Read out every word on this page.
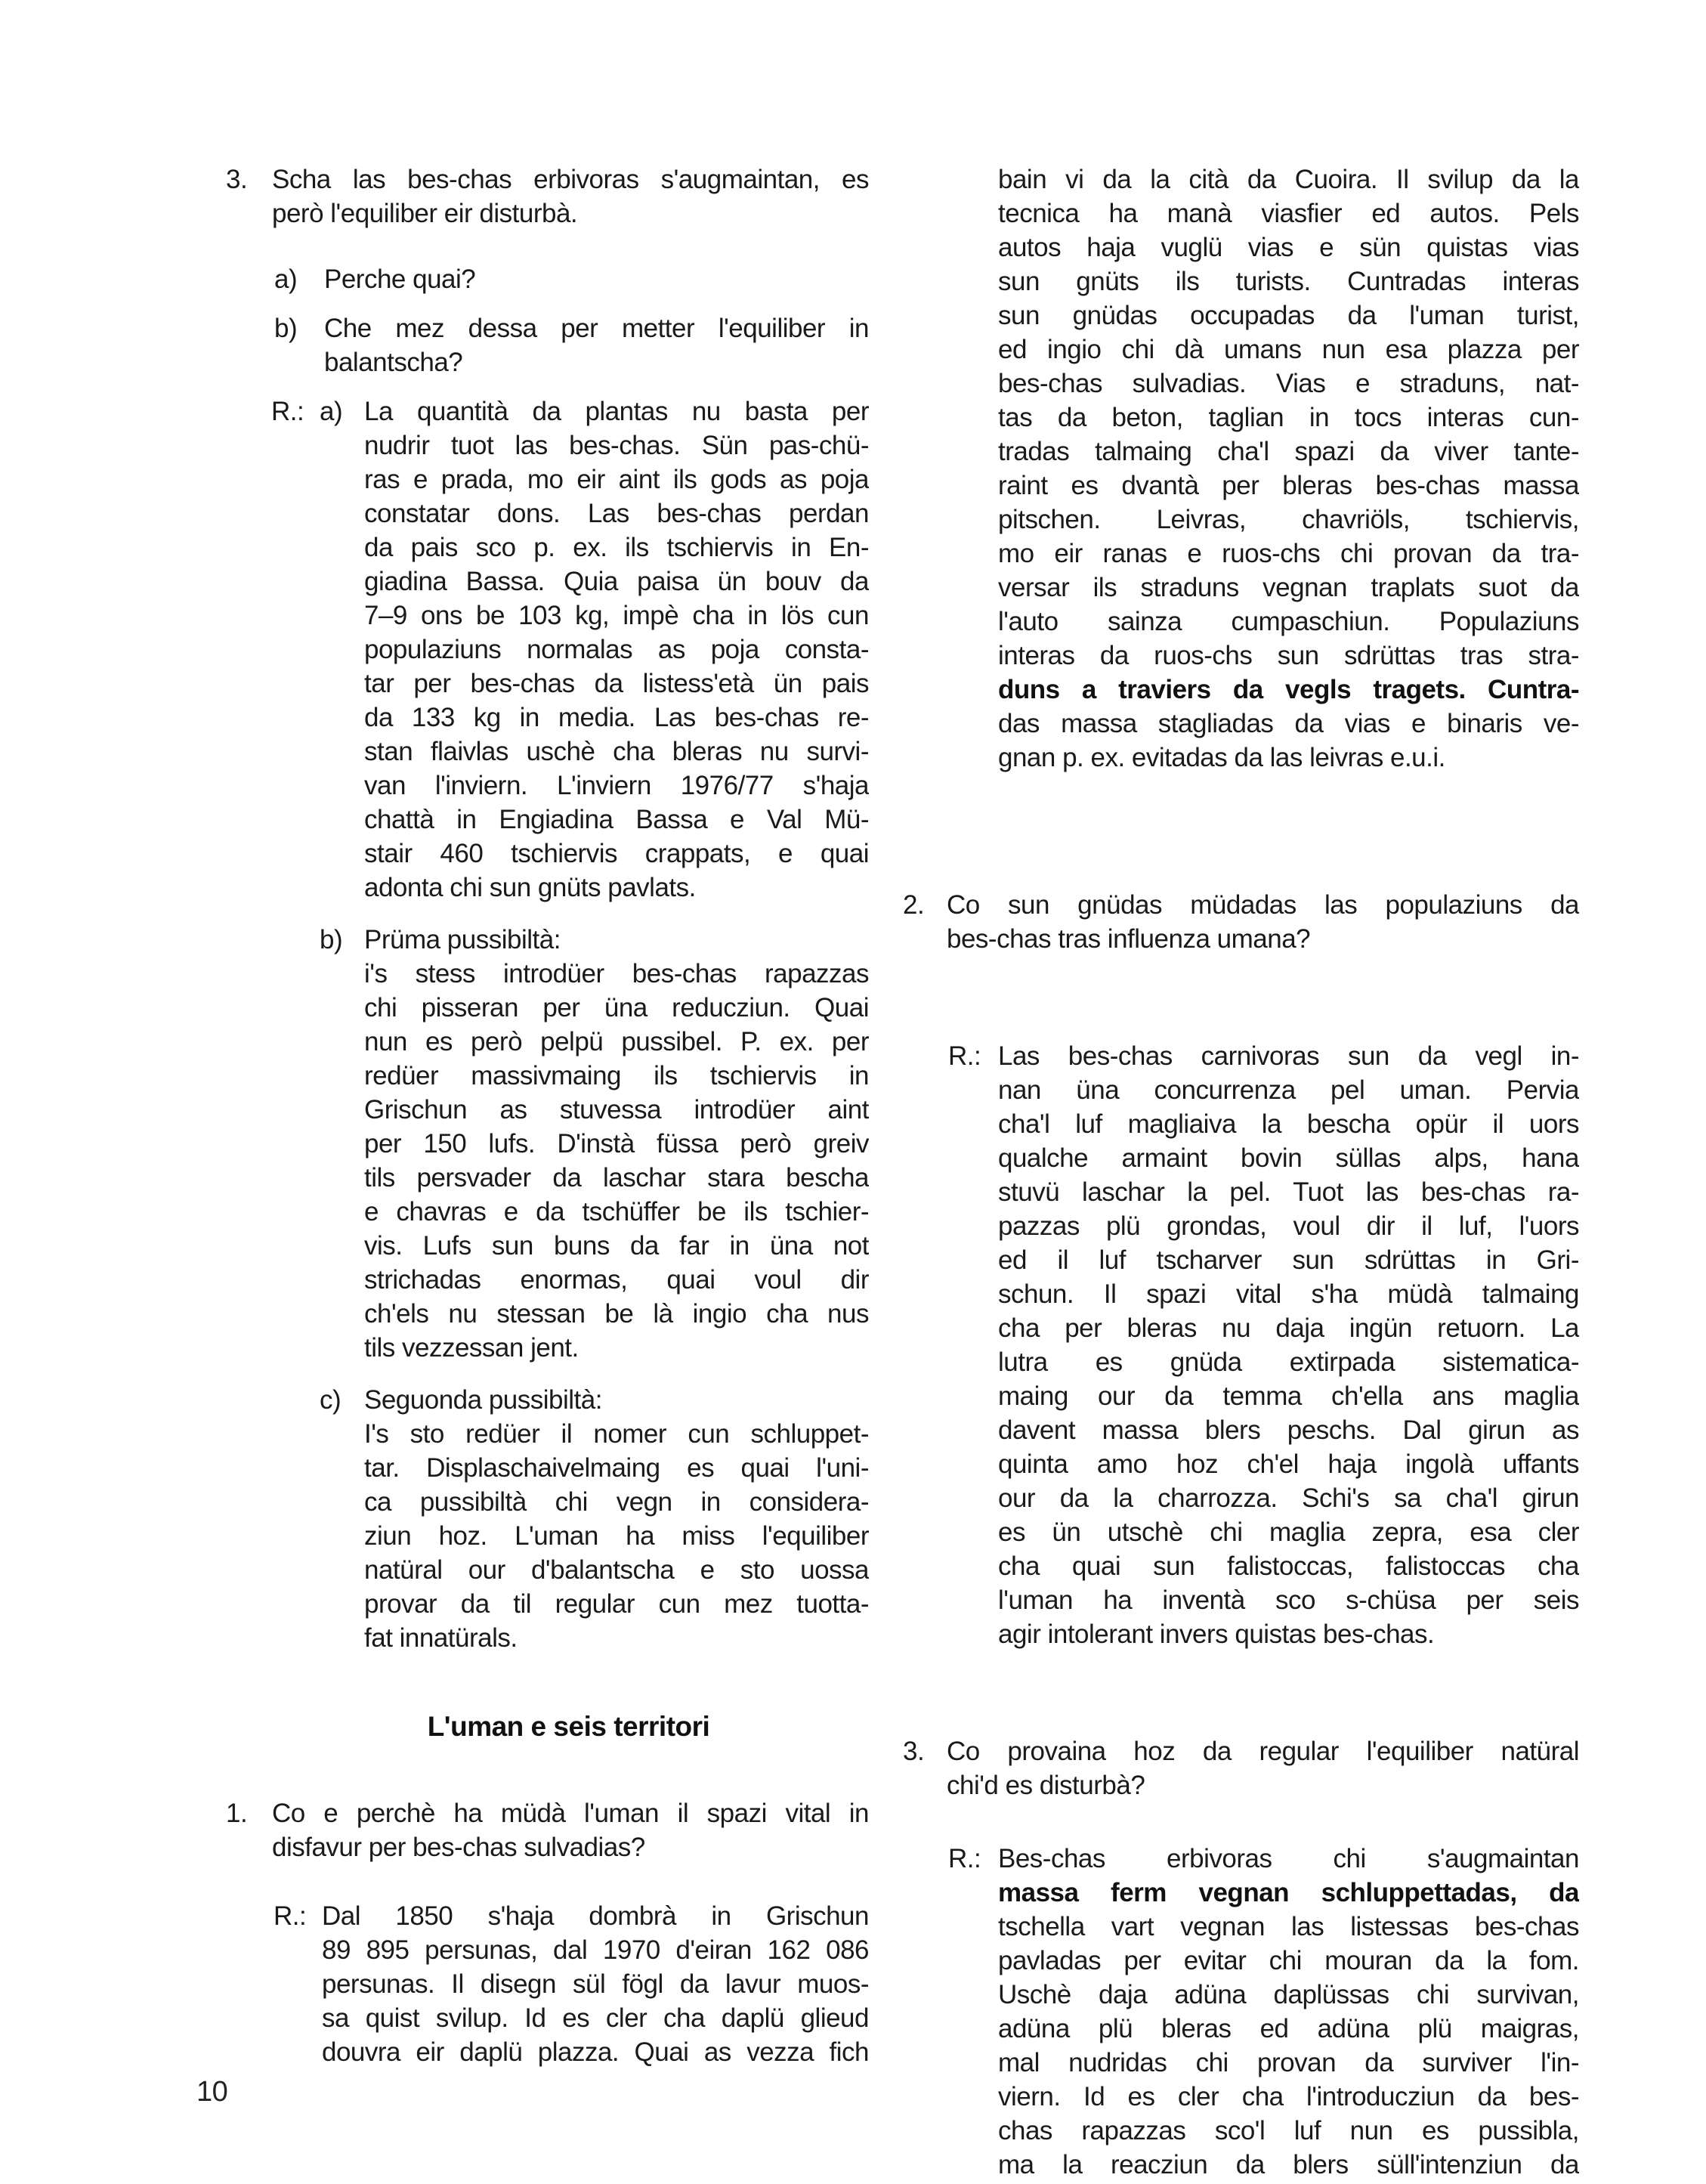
3. Scha las bes-chas erbivoras s'augmaintan, es
però l'equiliber eir disturbà.
a)	Perche quai?
b)	Che mez dessa per metter l'equiliber in
balantscha?
R.: a) La quantità da plantas nu basta per
nudrir tuot las bes-chas. Sün pas-chü-
ras e prada, mo eir aint ils gods as poja
constatar dons. Las bes-chas perdan
da pais sco p. ex. ils tschiervis in En-
giadina Bassa. Quia paisa ün bouv da
7–9 ons be 103 kg, impè cha in lös cun
populaziuns normalas as poja consta-
tar per bes-chas da listess'età ün pais
da 133 kg in media. Las bes-chas re-
stan flaivlas uschè cha bleras nu survi-
van l'inviern. L'inviern 1976/77 s'haja
chattà in Engiadina Bassa e Val Mü-
stair 460 tschiervis crappats, e quai
adonta chi sun gnüts pavlats.
b) Prüma pussibiltà:
i's stess introdüer bes-chas rapazzas
chi pisseran per üna reducziun. Quai
nun es però pelpü pussibel. P. ex. per
redüer massivmaing ils tschiervis in
Grischun as stuvessa introdüer aint
per 150 lufs. D'instà füssa però greiv
tils persvader da laschar stara bescha
e chavras e da tschüffer be ils tschier-
vis. Lufs sun buns da far in üna not
strichadas enormas, quai voul dir
ch'els nu stessan be là ingio cha nus
tils vezzessan jent.
c) Seguonda pussibiltà:
I's sto redüer il nomer cun schluppet-
tar. Displaschaivelmaing es quai l'uni-
ca pussibiltà chi vegn in considera-
ziun hoz. L'uman ha miss l'equiliber
natüral our d'balantscha e sto uossa
provar da til regular cun mez tuotta-
fat innatürals.
L'uman e seis territori
1. Co e perchè ha müdà l'uman il spazi vital in
disfavur per bes-chas sulvadias?
R.: Dal 1850 s'haja dombrà in Grischun
89 895 persunas, dal 1970 d'eiran 162 086
persunas. Il disegn sül fögl da lavur muos-
sa quist svilup. Id es cler cha daplü glieud
douvra eir daplü plazza. Quai as vezza fich
bain vi da la cità da Cuoira. Il svilup da la
tecnica ha manà viasfier ed autos. Pels
autos haja vuglü vias e sün quistas vias
sun gnüts ils turists. Cuntradas interas
sun gnüdas occupadas da l'uman turist,
ed ingio chi dà umans nun esa plazza per
bes-chas sulvadias. Vias e straduns, nat-
tas da beton, taglian in tocs interas cun-
tradas talmaing cha'l spazi da viver tante-
raint es dvantà per bleras bes-chas massa
pitschen. Leivras, chavriöls, tschiervis,
mo eir ranas e ruos-chs chi provan da tra-
versar ils straduns vegnan traplats suot da
l'auto sainza cumpaschiun. Populaziuns
interas da ruos-chs sun sdrüttas tras stra-
duns a traviers da vegls tragets. Cuntra-
das massa stagliadas da vias e binaris ve-
gnan p. ex. evitadas da las leivras e.u.i.
2. Co sun gnüdas müdadas las populaziuns da
bes-chas tras influenza umana?
R.: Las bes-chas carnivoras sun da vegl in-
nan üna concurrenza pel uman. Pervia
cha'l luf magliaiva la bescha opür il uors
qualche armaint bovin süllas alps, hana
stuvü laschar la pel. Tuot las bes-chas ra-
pazzas plü grondas, voul dir il luf, l'uors
ed il luf tscharver sun sdrüttas in Gri-
schun. Il spazi vital s'ha müdà talmaing
cha per bleras nu daja ingün retuorn. La
lutra es gnüda extirpada sistematica-
maing our da temma ch'ella ans maglia
davent massa blers peschs. Dal girun as
quinta amo hoz ch'el haja ingolà uffants
our da la charrozza. Schi's sa cha'l girun
es ün utschè chi maglia zepra, esa cler
cha quai sun falistoccas, falistoccas cha
l'uman ha inventà sco s-chüsa per seis
agir intolerant invers quistas bes-chas.
3. Co provaina hoz da regular l'equiliber natüral
chi'd es disturbà?
R.: Bes-chas erbivoras chi s'augmaintan
massa ferm vegnan schluppettadas, da
tschella vart vegnan las listessas bes-chas
pavladas per evitar chi mouran da la fom.
Uschè daja adüna daplüssas chi survivan,
adüna plü bleras ed adüna plü maigras,
mal nudridas chi provan da surviver l'in-
viern. Id es cler cha l'introducziun da bes-
chas rapazzas sco'l luf nun es pussibla,
ma la reacziun da blers süll'intenziun da
10
